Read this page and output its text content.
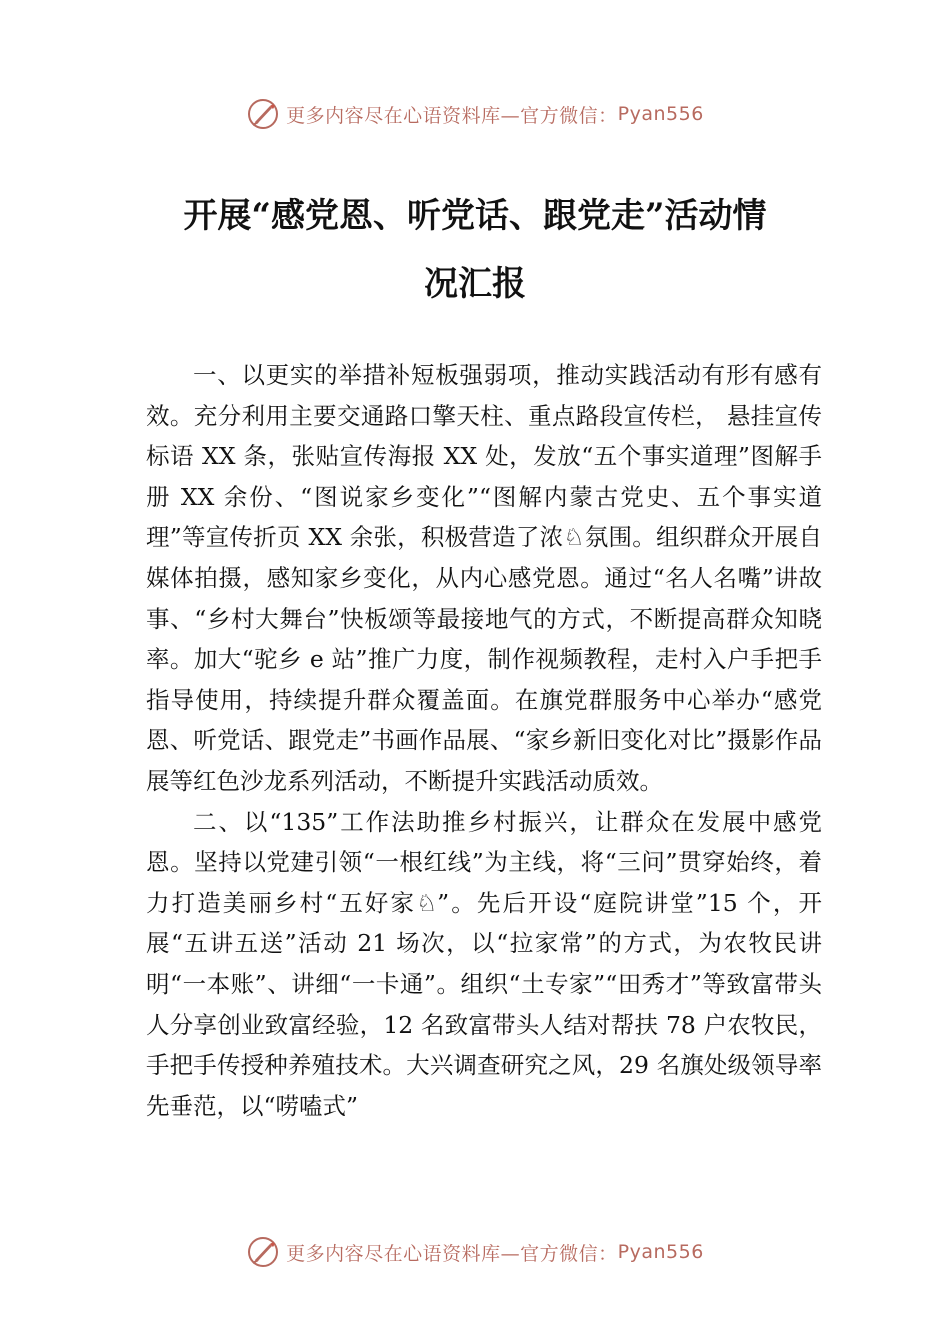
更多内容尽在心语资料库—官方微信： Pyan556
开展“感党恩、听党话、跟党走”活动情
况汇报

一、以更实的举措补短板强弱项，推动实践活动有形有感有效。充分利用主要交通路口擎天柱、重点路段宣传栏， 悬挂宣传标语 XX 条，张贴宣传海报 XX 处，发放“五个事实道理”图解手册 XX 余份、“图说家乡变化”“图解内蒙古党史、五个事实道理”等宣传折页 XX 余张，积极营造了浓♘氛围。组织群众开展自媒体拍摄，感知家乡变化，从内心感党恩。通过“名人名嘴”讲故事、“乡村大舞台”快板颂等最接地气的方式，不断提高群众知晓率。加大“驼乡 e 站”推广力度，制作视频教程，走村入户手把手指导使用，持续提升群众覆盖面。在旗党群服务中心举办“感党恩、听党话、跟党走”书画作品展、“家乡新旧变化对比”摄影作品展等红色沙龙系列活动，不断提升实践活动质效。

二、以“135”工作法助推乡村振兴，让群众在发展中感党恩。坚持以党建引领“一根红线”为主线，将“三问”贯穿始终，着力打造美丽乡村“五好家♘”。先后开设“庭院讲堂”15 个，开展“五讲五送”活动 21 场次，以“拉家常”的方式，为农牧民讲明“一本账”、讲细“一卡通”。组织“土专家”“田秀才”等致富带头人分享创业致富经验，12 名致富带头人结对帮扶 78 户农牧民，手把手传授种养殖技术。大兴调查研究之风，29 名旗处级领导率先垂范，以“唠嗑式”

更多内容尽在心语资料库—官方微信： Pyan556
